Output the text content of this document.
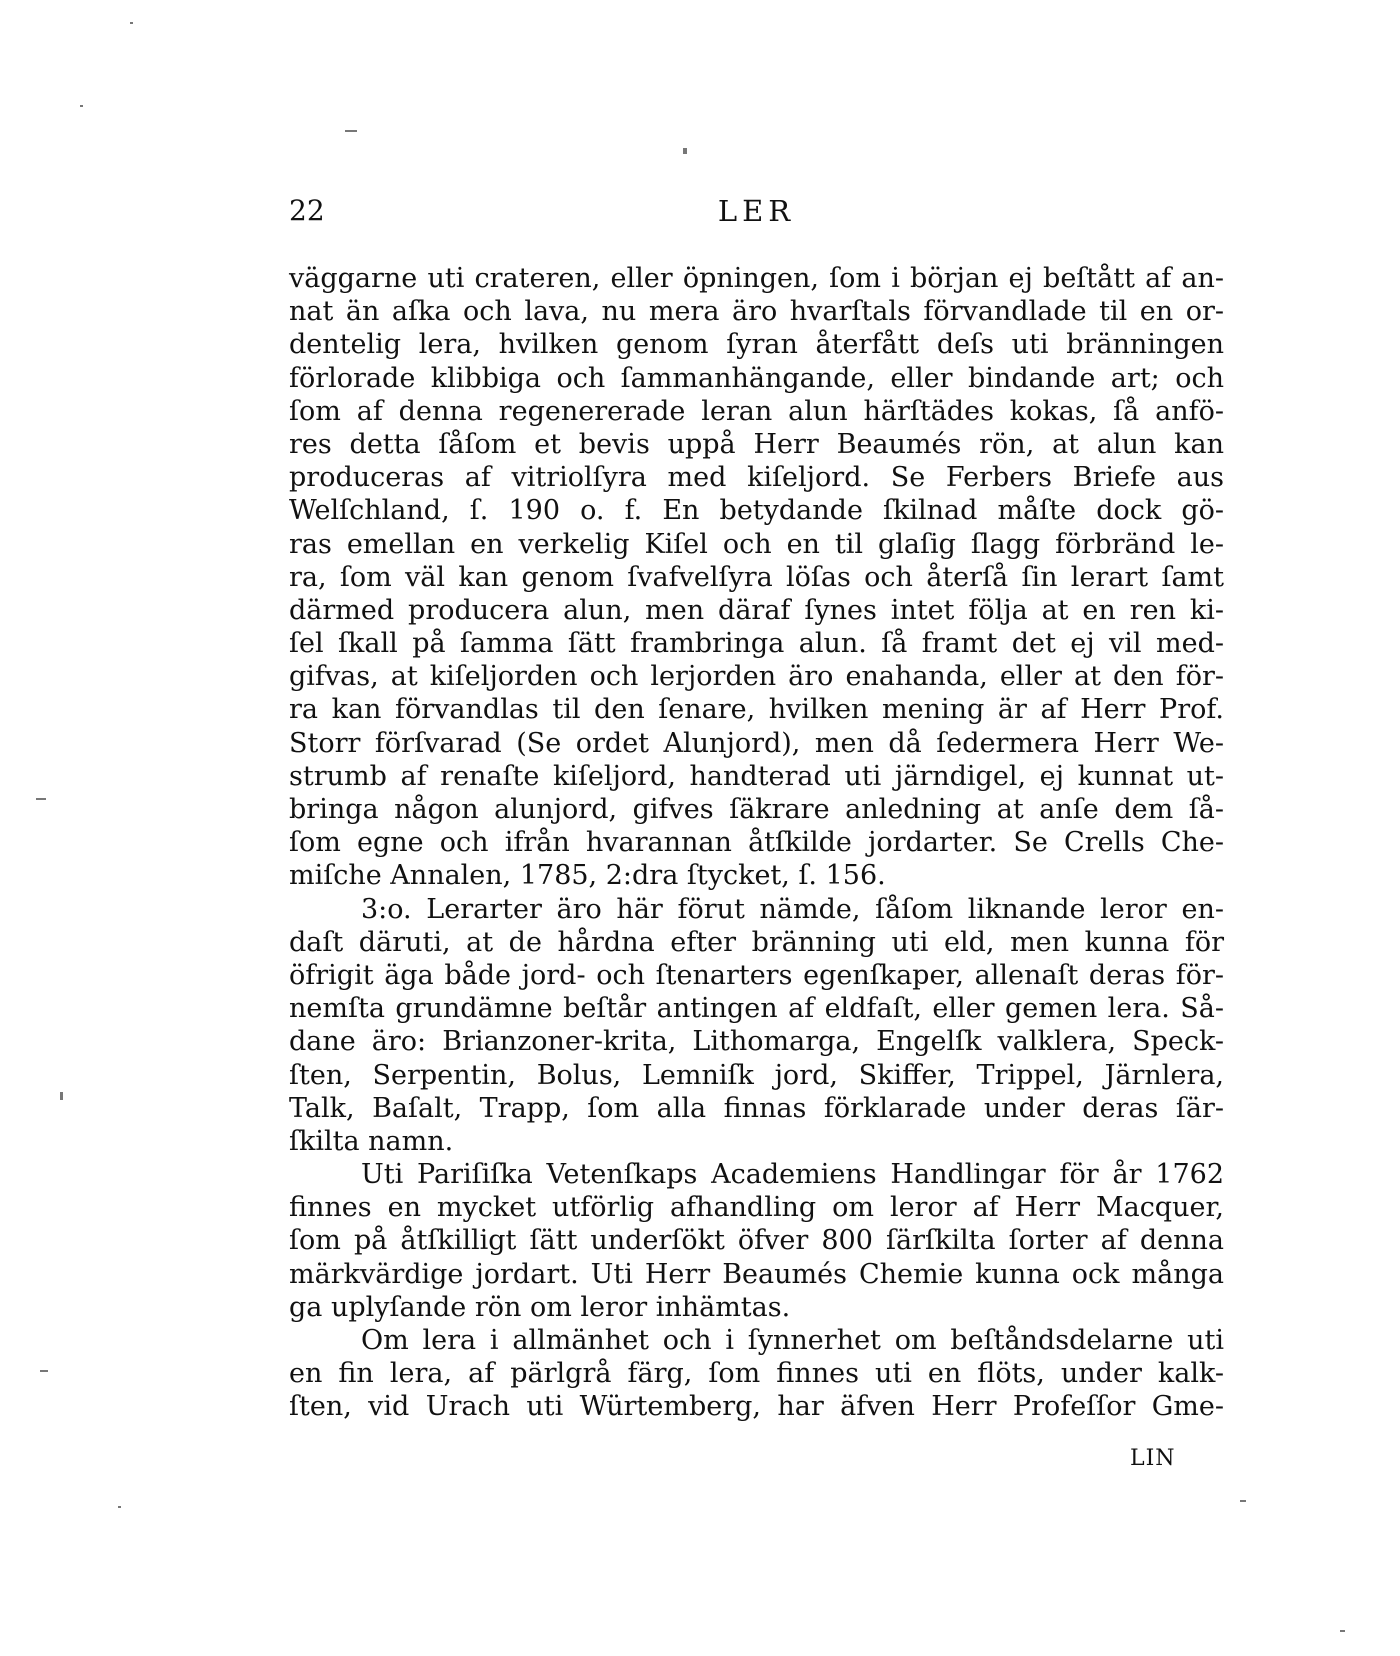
22	LER
väggarne uti crateren, eller öpningen, ſom i början ej beſtått af an-
nat än aſka och lava, nu mera äro hvarſtals förvandlade til en or-
dentelig lera, hvilken genom ſyran återfått deſs uti bränningen
förlorade klibbiga och ſammanhängande, eller bindande art; och
ſom af denna regenererade leran alun härſtädes kokas, ſå anfö-
res detta ſåſom et bevis uppå Herr Beaumés rön, at alun kan
produceras af vitriolſyra med kiſeljord. Se Ferbers Briefe aus
Welſchland, ſ. 190 o. f. En betydande ſkilnad måſte dock gö-
ras emellan en verkelig Kiſel och en til glaſig ſlagg förbränd le-
ra, ſom väl kan genom ſvafvelſyra löſas och återſå ſin lerart ſamt
därmed producera alun, men däraf ſynes intet följa at en ren ki-
ſel ſkall på ſamma ſätt frambringa alun. ſå framt det ej vil med-
gifvas, at kiſeljorden och lerjorden äro enahanda, eller at den för-
ra kan förvandlas til den ſenare, hvilken mening är af Herr Prof.
Storr förſvarad (Se ordet Alunjord), men då ſedermera Herr We-
strumb af renaſte kiſeljord, handterad uti järndigel, ej kunnat ut-
bringa någon alunjord, gifves ſäkrare anledning at anſe dem ſå-
ſom egne och ifrån hvarannan åtſkilde jordarter. Se Crells Che-
miſche Annalen, 1785, 2:dra ſtycket, ſ. 156.
3:o. Lerarter äro här förut nämde, ſåſom liknande leror en-
daſt däruti, at de hårdna efter bränning uti eld, men kunna för
öfrigit äga både jord- och ſtenarters egenſkaper, allenaſt deras för-
nemſta grundämne beſtår antingen af eldfaſt, eller gemen lera. Så-
dane äro: Brianzoner-krita, Lithomarga, Engelſk valklera, Speck-
ſten, Serpentin, Bolus, Lemniſk jord, Skiffer, Trippel, Järnlera,
Talk, Baſalt, Trapp, ſom alla finnas förklarade under deras ſär-
ſkilta namn.
Uti Pariſiſka Vetenſkaps Academiens Handlingar för år 1762
finnes en mycket utförlig afhandling om leror af Herr Macquer,
ſom på åtſkilligt ſätt underſökt öfver 800 ſärſkilta ſorter af denna
märkvärdige jordart. Uti Herr Beaumés Chemie kunna ock många
ga uplyſande rön om leror inhämtas.
Om lera i allmänhet och i ſynnerhet om beſtåndsdelarne uti
en fin lera, af pärlgrå färg, ſom finnes uti en flöts, under kalk-
ſten, vid Urach uti Würtemberg, har äfven Herr Profeſſor Gme-
LIN
